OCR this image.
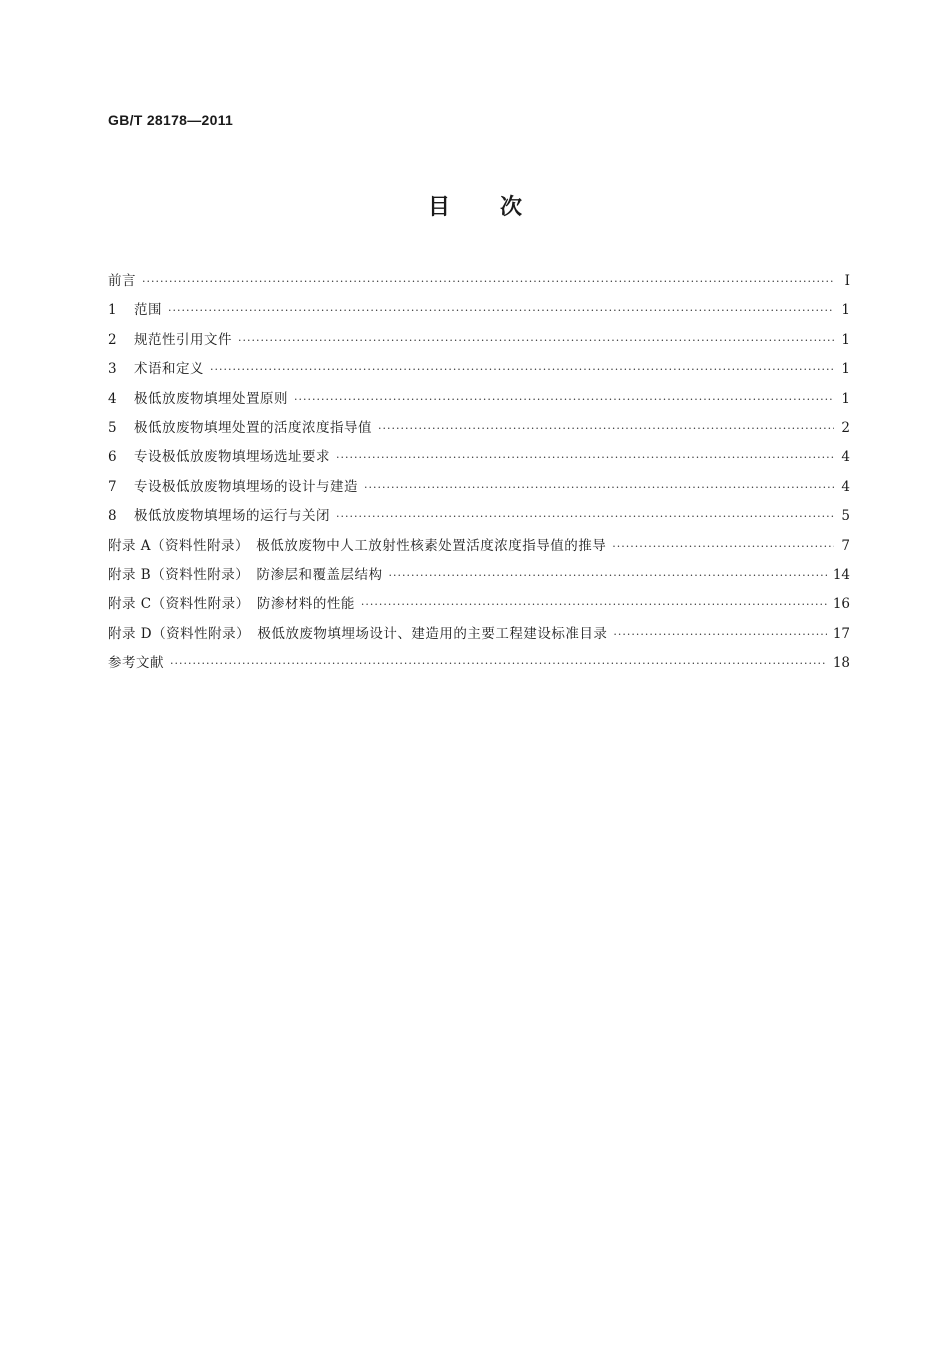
GB/T 28178—2011
目 次
前言 ·····	Ⅰ
1	范围 ·····	1
2	规范性引用文件 ·····	1
3	术语和定义 ·····	1
4	极低放废物填埋处置原则 ·····	1
5	极低放废物填埋处置的活度浓度指导值 ·····	2
6	专设极低放废物填埋场选址要求 ·····	4
7	专设极低放废物填埋场的设计与建造 ·····	4
8	极低放废物填埋场的运行与关闭 ·····	5
附录 A（资料性附录）　极低放废物中人工放射性核素处置活度浓度指导值的推导 ·····	7
附录 B（资料性附录）　防渗层和覆盖层结构 ·····	14
附录 C（资料性附录）　防渗材料的性能 ·····	16
附录 D（资料性附录）　极低放废物填埋场设计、建造用的主要工程建设标准目录 ·····	17
参考文献 ·····	18
